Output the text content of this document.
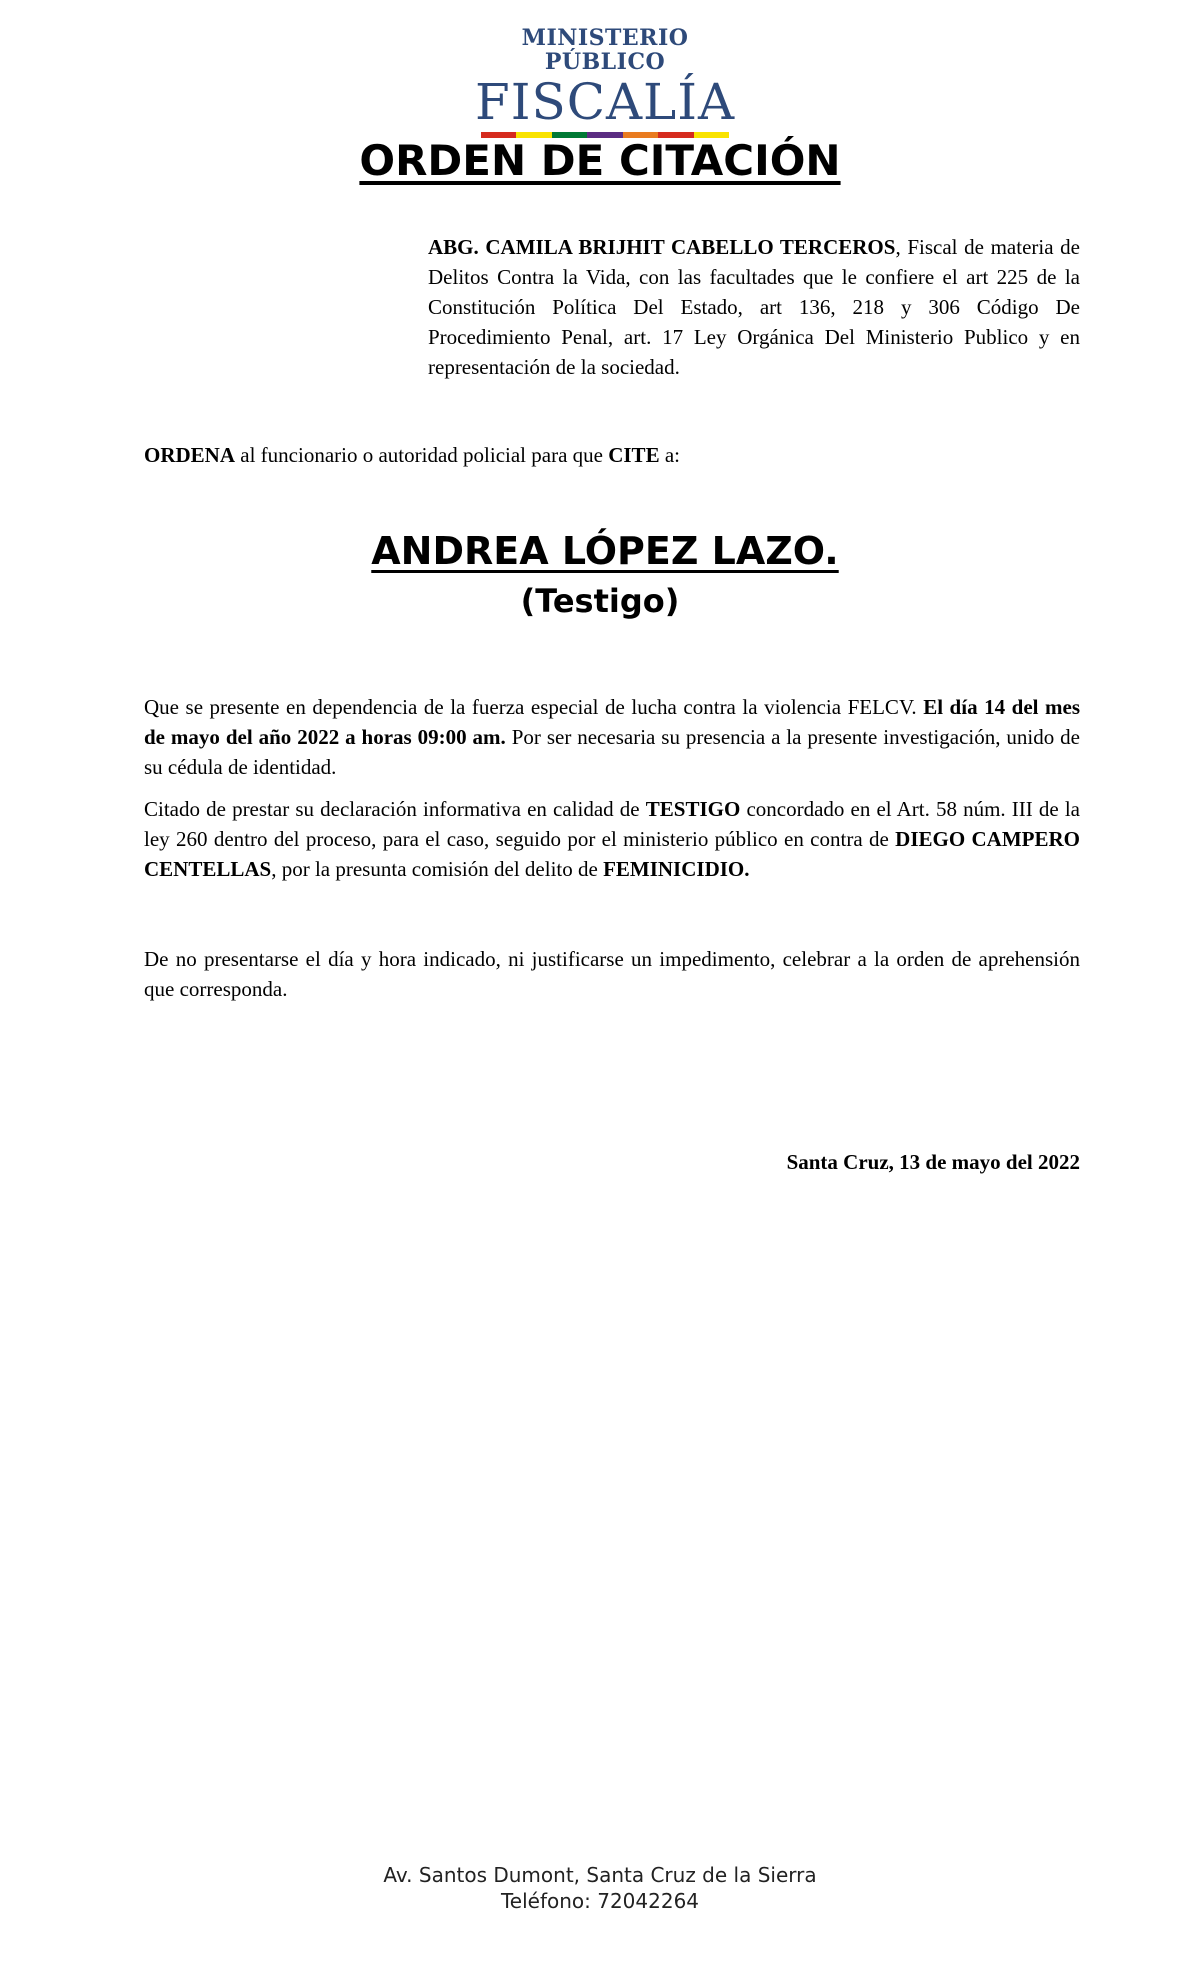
MINISTERIO PÚBLICO
FISCALÍA
ORDEN DE CITACIÓN

ABG. CAMILA BRIJHIT CABELLO TERCEROS, Fiscal de materia de Delitos Contra la Vida, con las facultades que le confiere el art 225 de la Constitución Política Del Estado, art 136, 218 y 306 Código De Procedimiento Penal, art. 17 Ley Orgánica Del Ministerio Publico y en representación de la sociedad.

ORDENA al funcionario o autoridad policial para que CITE a:

ANDREA LÓPEZ LAZO.
(Testigo)

Que se presente en dependencia de la fuerza especial de lucha contra la violencia FELCV. El día 14 del mes de mayo del año 2022 a horas 09:00 am. Por ser necesaria su presencia a la presente investigación, unido de su cédula de identidad.

Citado de prestar su declaración informativa en calidad de TESTIGO concordado en el Art. 58 núm. III de la ley 260 dentro del proceso, para el caso, seguido por el ministerio público en contra de DIEGO CAMPERO CENTELLAS, por la presunta comisión del delito de FEMINICIDIO.

De no presentarse el día y hora indicado, ni justificarse un impedimento, celebrar a la orden de aprehensión que corresponda.

Santa Cruz, 13 de mayo del 2022
Av. Santos Dumont, Santa Cruz de la Sierra
Teléfono: 72042264
